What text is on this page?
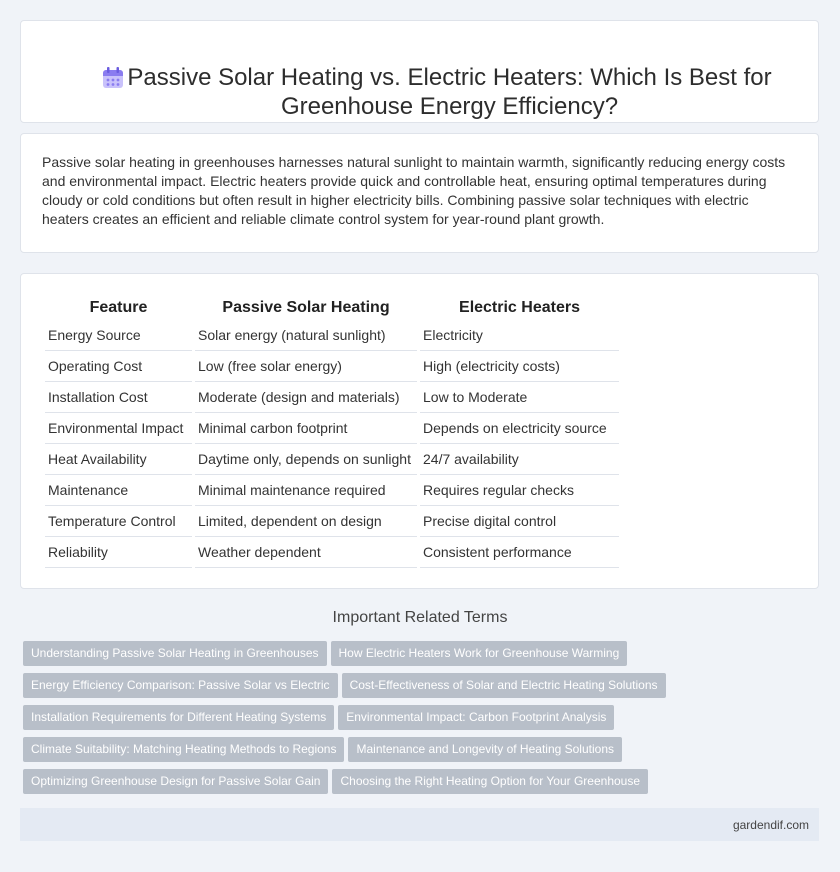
Passive Solar Heating vs. Electric Heaters: Which Is Best for Greenhouse Energy Efficiency?

Passive solar heating in greenhouses harnesses natural sunlight to maintain warmth, significantly reducing energy costs and environmental impact. Electric heaters provide quick and controllable heat, ensuring optimal temperatures during cloudy or cold conditions but often result in higher electricity bills. Combining passive solar techniques with electric heaters creates an efficient and reliable climate control system for year-round plant growth.

Feature	Passive Solar Heating	Electric Heaters
Energy Source	Solar energy (natural sunlight)	Electricity
Operating Cost	Low (free solar energy)	High (electricity costs)
Installation Cost	Moderate (design and materials)	Low to Moderate
Environmental Impact	Minimal carbon footprint	Depends on electricity source
Heat Availability	Daytime only, depends on sunlight	24/7 availability
Maintenance	Minimal maintenance required	Requires regular checks
Temperature Control	Limited, dependent on design	Precise digital control
Reliability	Weather dependent	Consistent performance
Important Related Terms
Understanding Passive Solar Heating in Greenhouses How Electric Heaters Work for Greenhouse Warming
Energy Efficiency Comparison: Passive Solar vs Electric Cost-Effectiveness of Solar and Electric Heating Solutions
Installation Requirements for Different Heating Systems Environmental Impact: Carbon Footprint Analysis
Climate Suitability: Matching Heating Methods to Regions Maintenance and Longevity of Heating Solutions
Optimizing Greenhouse Design for Passive Solar Gain Choosing the Right Heating Option for Your Greenhouse
gardendif.com
